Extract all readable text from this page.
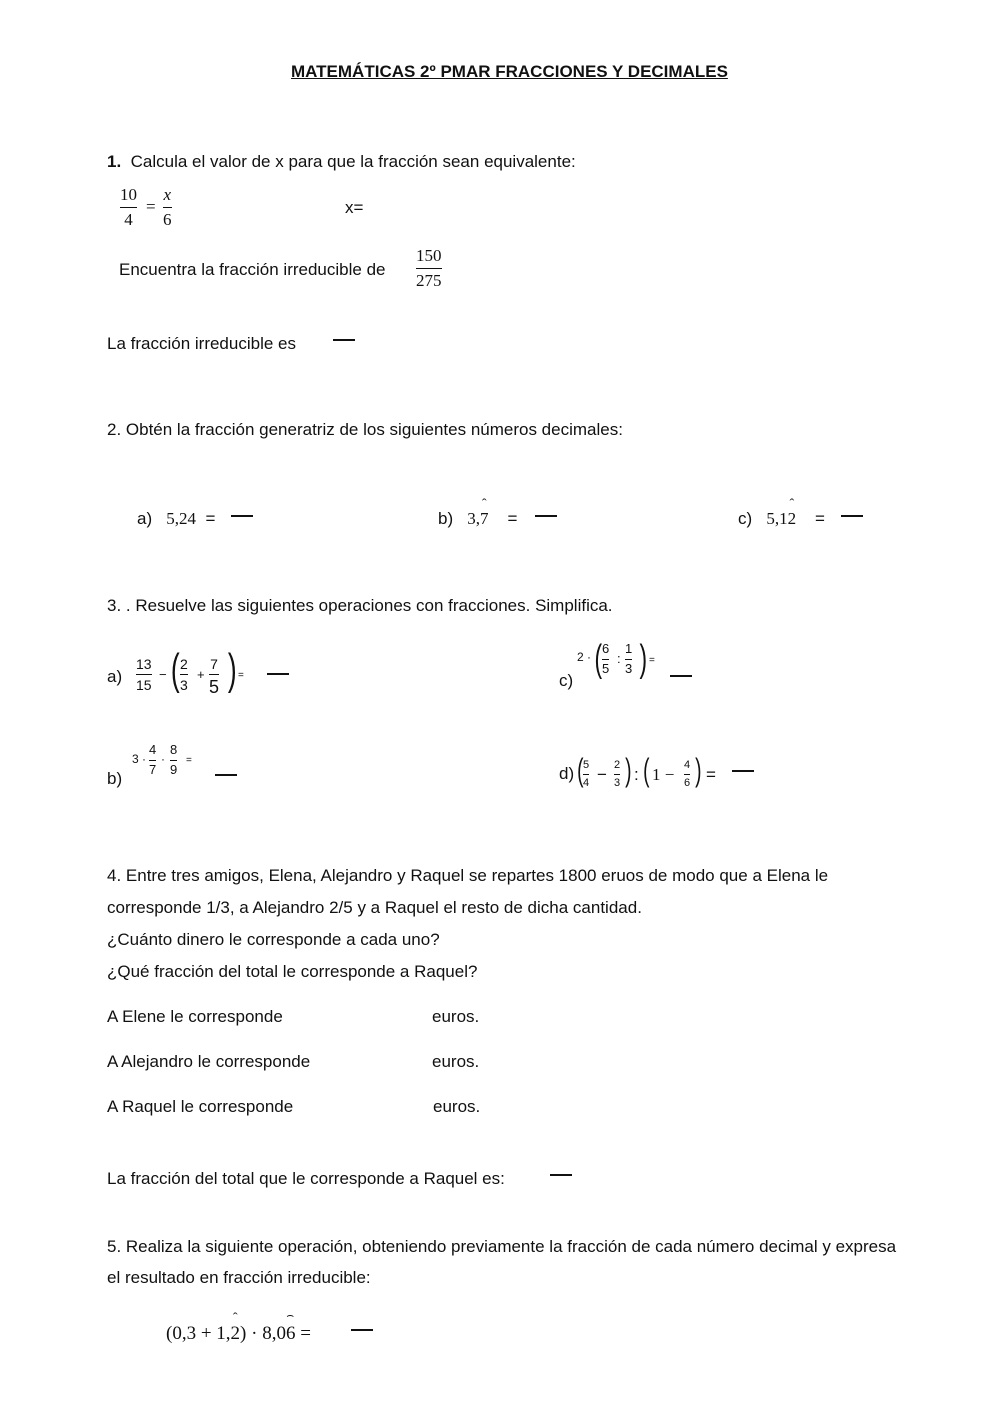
MATEMÁTICAS 2º PMAR FRACCIONES Y DECIMALES
1. Calcula el valor de x para que la fracción sean equivalente:
10
4
=
x
6
x=
Encuentra la fracción irreducible de
150
275
La fracción irreducible es
2. Obtén la fracción generatriz de los siguientes números decimales:
a) 5,24 =	b) 3,̂ 7 =	c) 5,1̂ 2 =
3. . Resuelve las siguientes operaciones con fracciones. Simplifica.
a)
13
15
− ( 2
3
+
7
5 ) =
2 · ( 6
5
:
1
3 ) =
c)
3 ·
4
7
·
8
9
=
b)	d) ( 5
4 − 2
3 ) : ( 1 − 4
6 ) =
4. Entre tres amigos, Elena, Alejandro y Raquel se repartes 1800 eruos de modo que a Elena le
corresponde 1/3, a Alejandro 2/5 y a Raquel el resto de dicha cantidad.
¿Cuánto dinero le corresponde a cada uno?
¿Qué fracción del total le corresponde a Raquel?
A Elene le corresponde	euros.
A Alejandro le corresponde	euros.
A Raquel le corresponde	euros.
La fracción del total que le corresponde a Raquel es:
5. Realiza la siguiente operación, obteniendo previamente la fracción de cada número decimal y expresa
el resultado en fracción irreducible:
(0,3 + 1,̂ 2) · 8,0⌢ 6 =
